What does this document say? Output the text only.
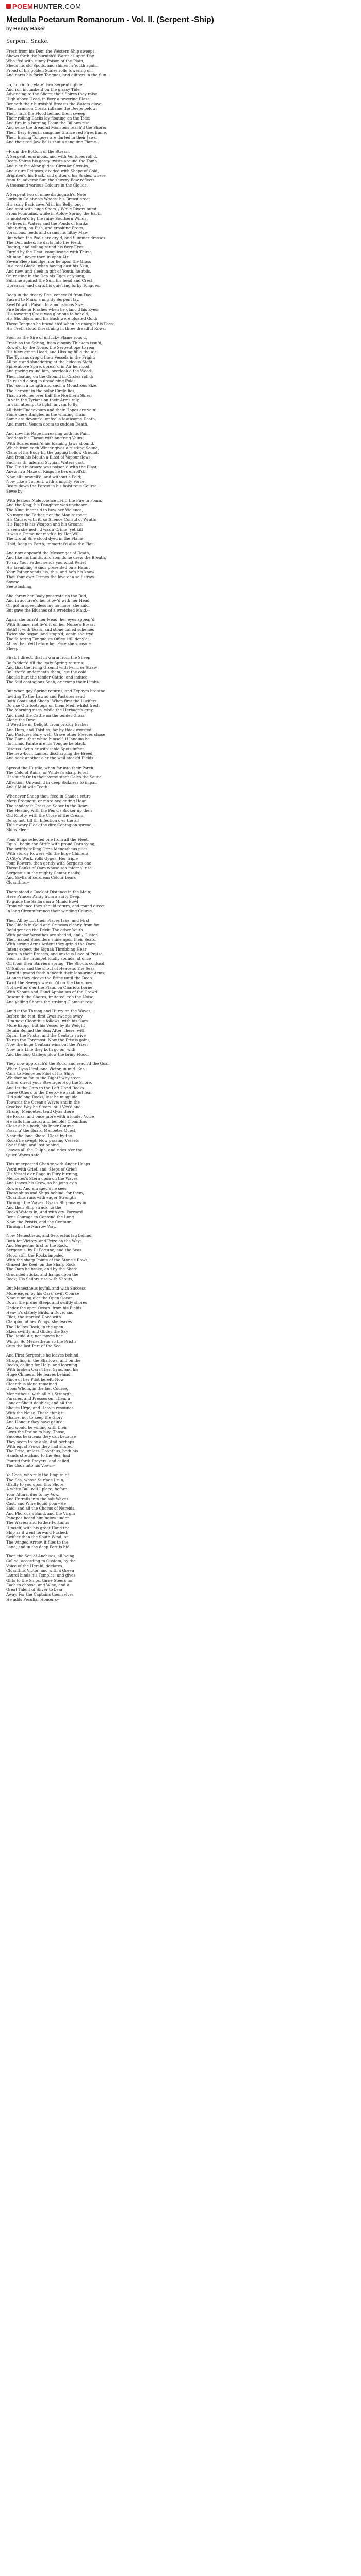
POEM HUNTER .COM
Medulla Poetarum Romanorum - Vol. II. (Serpent -Ship)
by Henry Baker
Serpent. Snake.
Fresh from his Den, the Western Ship sweeps,
Shows forth the burnish'd Water as upon Day,
Who, fed with sunny Poison of the Plain,
Sheds his old Spoils, and shines in Youth again.
Proud of his golden Scales rolls towering on,
And darts his forky Tongues, and glitters in the Sun.--
Lo, horrid to relate! two Serpents glide,
And roll incumbent on the glassy Tide,
Advancing to the Shore: their Spires they raise
High above Head, in fiery a towering Blaze;
Beneath their burnish'd Breasts the Waters glow;
Their crimson Crests inflame the Deeps below:
Their Tails the Flood behind them sweep,
Their rolling Backs lay floating on the Tide;
And fire in a burning Foam the Billows rise;
And seize the dreadful Monsters reach'd the Shore;
Their fiery Eyes in sanguine Glance red Fires flame,
Their hissing Tongues are darted in their Jaws,
And their red Jaw-Balls shut a sanguine Flame.--
--From the Bottom of the Stream
A Serpent, enormous, and with Ventures roll'd,
Rears Spires his gorgy twists around the Tomb,
And o'er the Altar glides: Circular Streaks,
And azure Eclipses, divided with Shape of Gold,
Brighten'd his Back, and glitter'd his Scales, where
from th' adverse Sun the shivery Bow reflects
A thousand various Colours in the Clouds.--
A Serpent two of mine distinguish'd Note
Lurks in Calabria's Woods: his Breast erect
His scaly Back cover'd in his Belly long,
And spot with huge Spots, / While Rivers burst
From Fountains, while in Ablow Spring the Earth
Is moisten'd by the rainy Southern Winds,
He lives in Waters and the Ponds of Banks
Inhabiting, on Fish, and croaking Frogs,
Voracious, feeds and crams his filthy Maw.
But when the Pools are dry'd, and Summer dresses
The Dull ashes, he darts into the Field,
Raging, and rolling round his fiery Eyes,
Fury'd by the Heat, complicated with Thirst.
Mt may I never then in open Air
Seven Sleep indulge, nor lie upon the Grass
In a cool Glade: when having cast his Skin,
And new, and sleek in gift of Youth, he rolls,
Or, resting in the Den his Eggs or young,
Sublime against the Sun, his head and Crest
Upreaars, and darts his quiv'ring forky Tongues.
Deep in the dreary Den, conceal'd from Day,
Sacred to Mars, a mighty Serpent lay,
Swell'd with Poison to a monstrous Size;
Fire broke in Flashes when he glanc'd his Eyes;
His towering Crest was glorious to behold,
His Shoulders and his Back were bloated Gold;
Three Tongues he brandish'd when he charg'd his Foes;
His Teeth stood threat'ning in three dreadful Rows.
Soon as the Sire of unlucky Flame rous'd,
Fresh as the Spring, from gloomy Thickets issu'd,
Rowel'd by the Noise, the Serpent ope to rear
His blew green Head, and Hissing fill'd the Air.
The Tyrians drop'd their Vessels in the Fright;
All pale and shuddering at the hideous Sight,
Spire above Spire, uprear'd in Air he stood,
And gazing round him, overlook'd the Wood:
Then floating on the Ground in Circles roll'd;
He rush'd along in dread'ning Fold:
Tho' such a Length and such a Monstrous Size,
The Serpent in the polar Circle lies,
That stretches over half the Northern Skies;
In vain the Tyrians on their Arms rely,
In vain attempt to fight, in vain to fly;
All their Endeavours and their Hopes are vain!
Some die entangled in the winding Train;
Some are devour'd, or feel a loathsome Death,
And mortal Venom doom to sudden Death.
And now his Rage increasing with his Pain,
Reddens his Throat with ang'ring Veins;
With Scales encir'd his foaming Jaws abound,
Which from each Winter gives a rustling Sound,
Clans of his Body fill the gaping hollow Ground.
And from his Mouth a Blast of Vapour flows,
Such as th' infernal Stygian Waters cast.
The Fir'd in amaze was poison'd with the Blast;
Anew in a Maze of Rings he lies enroll'd,
Now all unravell'd, and without a Fold;
Now, like a Torrent, with a mighty Force,
Bears down the Forest in his boist'rous Course.--
Sewe by
With Jealous Malevolence ill-fit, the Fire in Foam,
And the King, his Daughter was unchosen
The King, incens'd to how her Violence,
No more the Father, nor the Man respect:
His Cause, with it, so Silence Consul of Wrath;
His Rage is his Weapon and his Groans;
Is seen she ned i'd was a Crime, yet kill
It was a Crime not mark'd by Her Will.
The brutal Sire stood dyed in the Flame;
Hold, keep in Earth, immortal'd also the Flat--
And now appear'd the Messenger of Death,
And like his Lands, and sounds he drew the Breath,
To say Your Father sends you what Relief
His trembling Hands presented on a Haunt
Your Father sends his, this, and he's his know
That Your own Crimes the love of a self straw--
Sowne.
See Blushing.
She threw her Body prostrate on the Bed,
And in accurse'd her Blow'd with her Head.
Oh go! in speechless my no more, she said,
But gave the Blushes of a wretched Maid.--
Again she turn'd her Head: her eyes appear'd
With Shame, not liv'd it on her Nurse's Breast
Both! it with Tears, and stone called schemes
Twice she began, and stopp'd; again she tryd;
The faltering Tongue its Office still deny'd;
At last her Veil before her Face she spread--
Sheep.
First, I direct, that in warm from the Sheep
Be fodder'd till the leafy Spring returns:
And that the living Ground with Fern, or Straw,
Be litter'd underneath them, lest the cold
Should hurt the tender Cattle, and induce
The foul contagious Scab, or cramp their Limbs.
But when gay Spring returns, and Zephyrs breathe
Inviting To the Lawns and Pastures send
Both Goats and Sheep! When first the Lucifers
Do rise Our footsteps on them Medi whilst fresh
The Morning rises, while the Herbage's grey,
And most the Cattle on the tender Grass
Along the Dew.
If Weed be nr Delight, from prickly Brakes,
And Burs, and Thistles, far by thick worsted
And Pastures Bury well; Grave other Fleeces chose
The Rams, that white himself, if Jandina he
Its humid Palate are his Tongue be black,
Discuss. Set o'er with sable Spots infect
The new-born Lambs, discharging the Breed,
And seek another o'er the well-stock'd Fields.--
Spread the Hurdle, when far into their Parch
The Cold of Rains, or Winter's sharp Frost
Has surfe Or in their verse steer Gales the Sauce
Affection, Unwash'd in deep Sickness to impair
And / Mild wile Teeth.--
Whenever Sheep thou feed in Shades retire
More Frequent, or more neglecting Hear
The tenderest Grass on Sober in the Rear--
The Healing with the Pen'd / Broker up their
Old Knotty, with the Close of the Cream.
Delay not, till th' Infection o'er the all
Th' unwary Flock the dire Contagion spread.--
Ships Fleet.
Pous Ships selected one from all the Fleet,
Equal, begin the Strife with proud Oars vying,
The swiftly rolling Orris Menestheus plies,
With sturdy Rowers,--In the huge Chimera,
A City's Work, rolls Gyges: Her triple
Four Rowers, then gently with Sergests one
Three Banks of Oars whose sea infernal rise.
Sergestus in the mighty Centaur sails;
And Scylla of cerulean Colour bears
Cloanthus.--
There stood a Rock at Distance in the Main;
Here Princes Array from a surly Deep.
To guide the Sailors on a Mimic Bowl
From whence they should return, and round direct
In long Circumference their winding Course.
Then All by Lot their Places take, and First,
The Chiefs in Gold and Crimson clearly from far
Refulgent on the Deck: The other Youth
With poplar Wreathes are shaded, and / Glisten
Their naked Shoulders shine upon their Seats.
With strong Arms Ardent they grip'd the Oars;
Intent expect the Signal: Throbbing Hear
Beats in their Breasts, and anxious Love of Praise.
Soon as the Trumpet loudly sounds, at once
Off from their Barriers spring: The Shouts confusd
Of Sailors and the shout of Heavens The Seas
Turn'd upward froth beneath their labouring Arms;
At once they cleave the Brine until the Deep.
Twixt the Sweeps wrench'd on the Oars bow.
Not swifter o'er the Plain, on Chariots borne,
With Shouts and Hand-Applauses of the Crowd
Resound: the Shores, imitated, reb the Noise,
And yelling Shores the striking Clamour rose.
Amidst the Throng and Hurry on the Waves;
Before the rest, first Gyas sweeps away
Him next Cloanthus follows, with his Oars
More happy; but his Vessel by its Weight
Detain Behind the Sea: After These, with
Equal, the Pristis, and the Centaur strive
To run the Foremost: Now the Pristis gains,
Now the huge Centaur wins out the Prize:
Now in a Line they both go on, with
And the long Galleys plow the briny Flood.
They now approach'd the Rock, and reach'd the Goal,
When Gyas First, and Victor, in mid- Sea
Calls to Menoetes Pilot of his Ship:
Whither so far to the Right? why steer
Hither direct your Steerage; Hug the Shore,
And let the Oars to the Left Hand Rocks
Leave Others to the Deep,--He said: but fear
Hid sidelong Rocks, lest he misguide
Towards the Ocean's Wave: and in the
Crooked Way he Steers; still Vex'd and
Strong, Menoetes, tend Gyas there
He Rocks, and once more with a louder Voice
He calls him back: and behold! Cloanthus
Close at his back, his Inner Course
Passing' the Guard Menoetes Quest,
Near the loud Shore. Close by the
Rocks he swept; Now passing Vessels
Gyas' Ship, and lost behind,
Leaves all the Gulph, and rides o'er the
Quiet Waves safe.
This unexpected Change with Anger Heaps
Vex'd with Grief, and, Steps of Grief;
His Vessel o'er Rage in Fury burning,
Menoetes's Stern upon on the Waves,
And leaves his Crew, so he joins ev'n
Rowers, And enraged's he sees
Those ships and Ships behind, for them,
Cloanthus runs with eager Strength
Through the Waves, Gyas's Ship-mates in
And their Ship struck, to the
Rocks Waters in, And with cry, Forward
Bent Courage to Contend the Long
Now, the Pristis, and the Centaur
Through the Narrow Way.
Now Menestheus, and Sergestus lag behind,
Both for Victory, and Prize on the Way:
And Sergestus first to the Rock,
Sergestus, by Ill Fortune, and the Seas
Stood still, the Rocks impaled
With the sharp Points of the Stone's Rows;
Grazed the Keel; on the Sharp Rock
The Oars he broke, and by the Shore
Grounded sticks, and hangs upon the
Rock; His Sailors rise with Shouts,
But Menestheus joyful, and with Success
More eager, by his Oars' swift Course
Now running o'er the Open Ocean,
Down the prone Steep, and swiftly shores
Under the open Ocean--from his Fields
Heav'n's stately Birds, a Dove, and
Flies, the startled Dove with
Clapping of her Wings, she leaves
The Hollow Rock, in the open
Skies swiftly and Glides the Sky
The liquid Air, nor moves her
Wings, So Menestheus so the Pristis
Cuts the last Part of the Sea,
And First Sergestus he leaves behind,
Struggling in the Shallows, and on the
Rocks, calling for Help, and learning
With broken Oars Then Gyas, and his
Huge Chimera, He leaves behind,
Since of her Pilot bereft: Now
Cloanthus alone remained.
Upon Whom, in the last Course,
Menestheus, with all his Strength,
Pursues, and Presses on. Then, a
Louder Shout doubles; and all the
Shouts Urge, and Heav'n resounds
With the Noise. These think it
Shame, not to keep the Glory
And Honour they have gain'd;
And would be willing with their
Lives the Praise to buy; Those,
Success heartens; they can because
They seem to be able. And perhaps
With equal Prows they had shared
The Prize, unless Cloanthus, both his
Hands stretching to the Sea, had
Poured forth Prayers, and called
The Gods into his Vows.--
Ye Gods, who rule the Empire of
The Sea, whose Surface I run,
Gladly to you upon this Shore,
A white Bull will I place, before
Your Altars, due to my Vow,
And Entrails into the salt Waves
Cast, and Wine liquid pour--He
Said; and all the Chorus of Nereids,
And Phorcus's Band, and the Virgin
Panopea heard him below under
The Waves; and Father Portunus
Himself, with his great Hand the
Ship as it went forward Pushed;
Swifter than the South Wind, or
The winged Arrow, it flies to the
Land, and in the deep Port is hid.
Then the Son of Anchises, all being
Called, according to Custom, by the
Voice of the Herald, declares
Cloanthus Victor, and with a Green
Laurel binds his Temples; and gives
Gifts to the Ships, three Steers for
Each to choose, and Wine, and a
Great Talent of Silver to bear
Away. For the Captains themselves
He adds Peculiar Honours--
